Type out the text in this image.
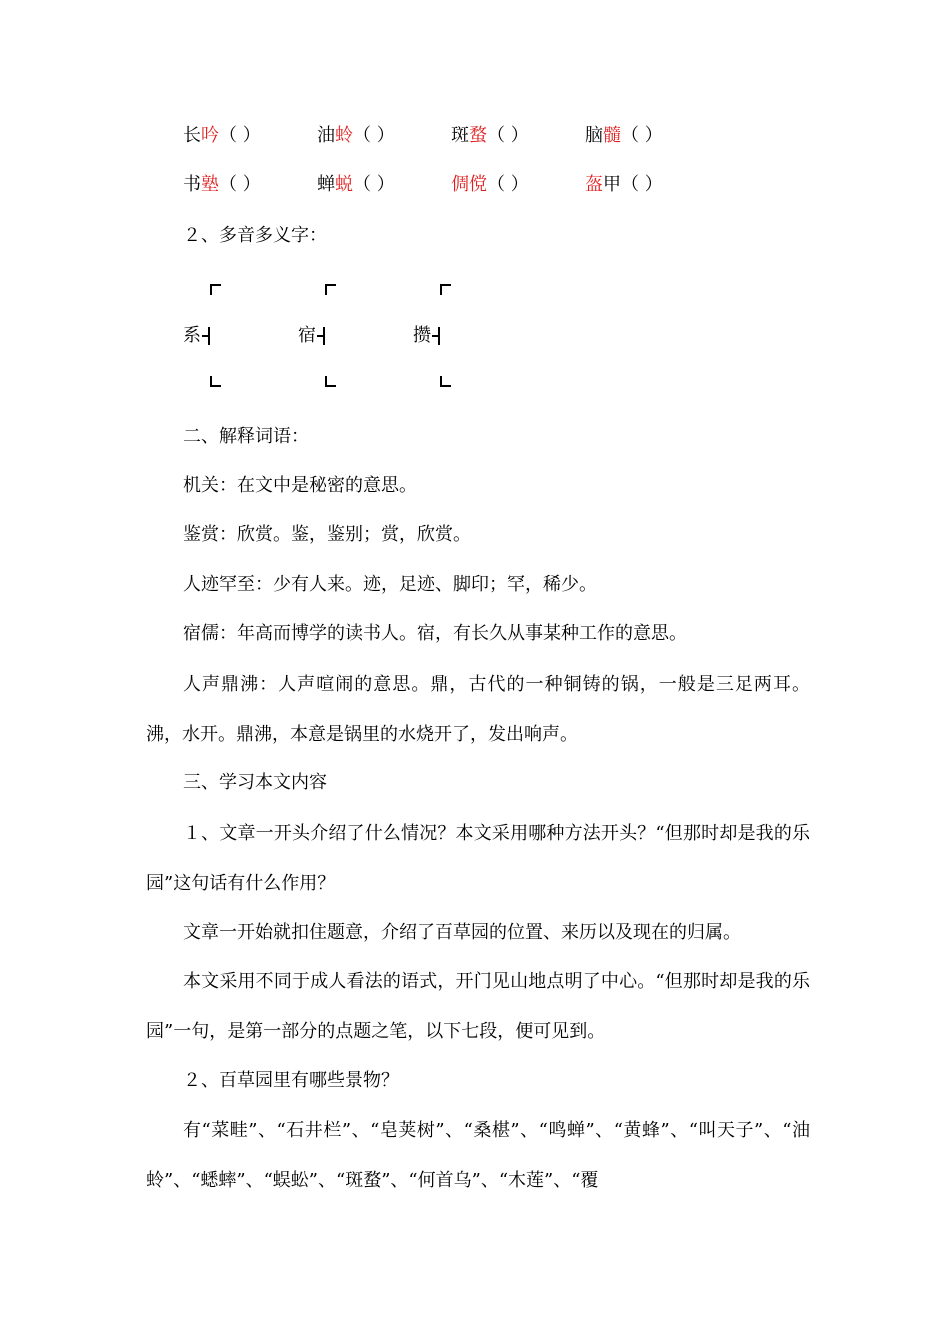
长吟（ ）	油蛉（ ）	斑蝥（ ）	脑髓（ ）
书塾（ ）	蝉蜕（ ）	倜傥（ ）	盔甲（ ）
２、多音多义字：
系	宿	攒
二、解释词语：
机关：在文中是秘密的意思。
鉴赏：欣赏。鉴，鉴别；赏，欣赏。
人迹罕至：少有人来。迹，足迹、脚印；罕，稀少。
宿儒：年高而博学的读书人。宿，有长久从事某种工作的意思。
人声鼎沸：人声喧闹的意思。鼎，古代的一种铜铸的锅，一般是三足两耳。沸，水开。鼎沸，本意是锅里的水烧开了，发出响声。
三、学习本文内容
１、文章一开头介绍了什么情况？本文采用哪种方法开头？“但那时却是我的乐园”这句话有什么作用？
文章一开始就扣住题意，介绍了百草园的位置、来历以及现在的归属。
本文采用不同于成人看法的语式，开门见山地点明了中心。“但那时却是我的乐园”一句，是第一部分的点题之笔，以下七段，便可见到。
２、百草园里有哪些景物？
有“菜畦”、“石井栏”、“皂荚树”、“桑椹”、“鸣蝉”、“黄蜂”、“叫天子”、“油蛉”、“蟋蟀”、“蜈蚣”、“斑蝥”、“何首乌”、“木莲”、“覆
